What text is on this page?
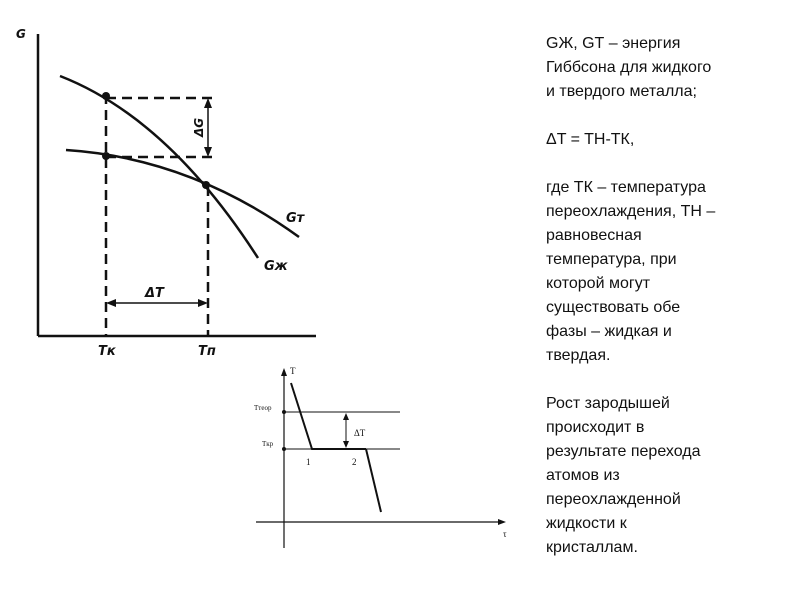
G
Gт
Gж
ΔG
ΔT
Tк	Tп
T
τ
Tтеор
Tкр
1	2
ΔT

GЖ, GТ – энергия

Гиббсона для жидкого

и твердого металла;

ΔT = TН-TК,

где TК – температура

переохлаждения, TН –

равновесная

температура, при

которой могут

существовать обе

фазы – жидкая и

твердая.

Рост зародышей

происходит в

результате перехода

атомов из

переохлажденной

жидкости к

кристаллам.
